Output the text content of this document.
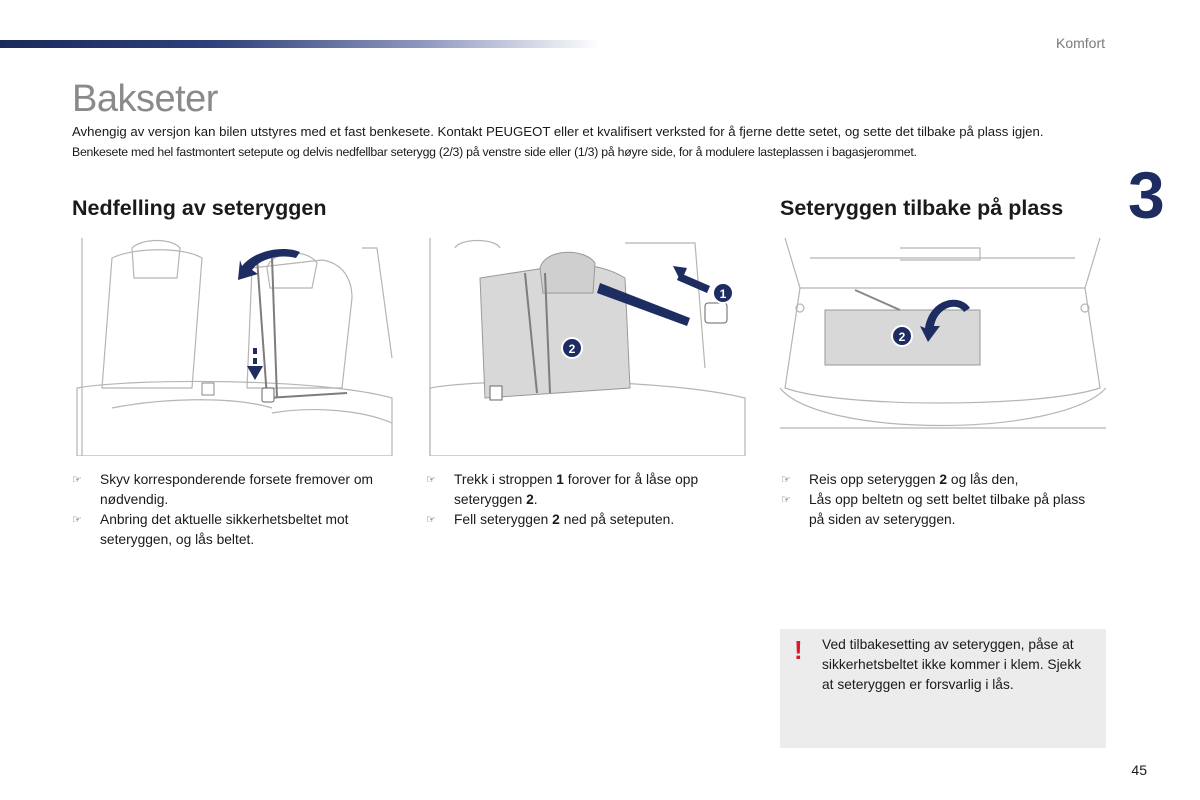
Komfort
Bakseter

Avhengig av versjon kan bilen utstyres med et fast benkesete. Kontakt PEUGEOT eller et kvalifisert verksted for å fjerne dette setet, og sette det tilbake på plass igjen.

Benkesete med hel fastmontert setepute og delvis nedfellbar seterygg (2/3) på venstre side eller (1/3) på høyre side, for å modulere lasteplassen i bagasjerommet.

3
Nedfelling av seteryggen	Seteryggen tilbake på plass
1
2
2
☞ Skyv korresponderende forsete fremover om nødvendig.
☞ Anbring det aktuelle sikkerhetsbeltet mot seteryggen, og lås beltet.
☞ Trekk i stroppen 1 forover for å låse opp seteryggen 2.
☞ Fell seteryggen 2 ned på seteputen.
☞ Reis opp seteryggen 2 og lås den,
☞ Lås opp beltetn og sett beltet tilbake på plass på siden av seteryggen.
! Ved tilbakesetting av seteryggen, påse at sikkerhetsbeltet ikke kommer i klem. Sjekk at seteryggen er forsvarlig i lås.
45
